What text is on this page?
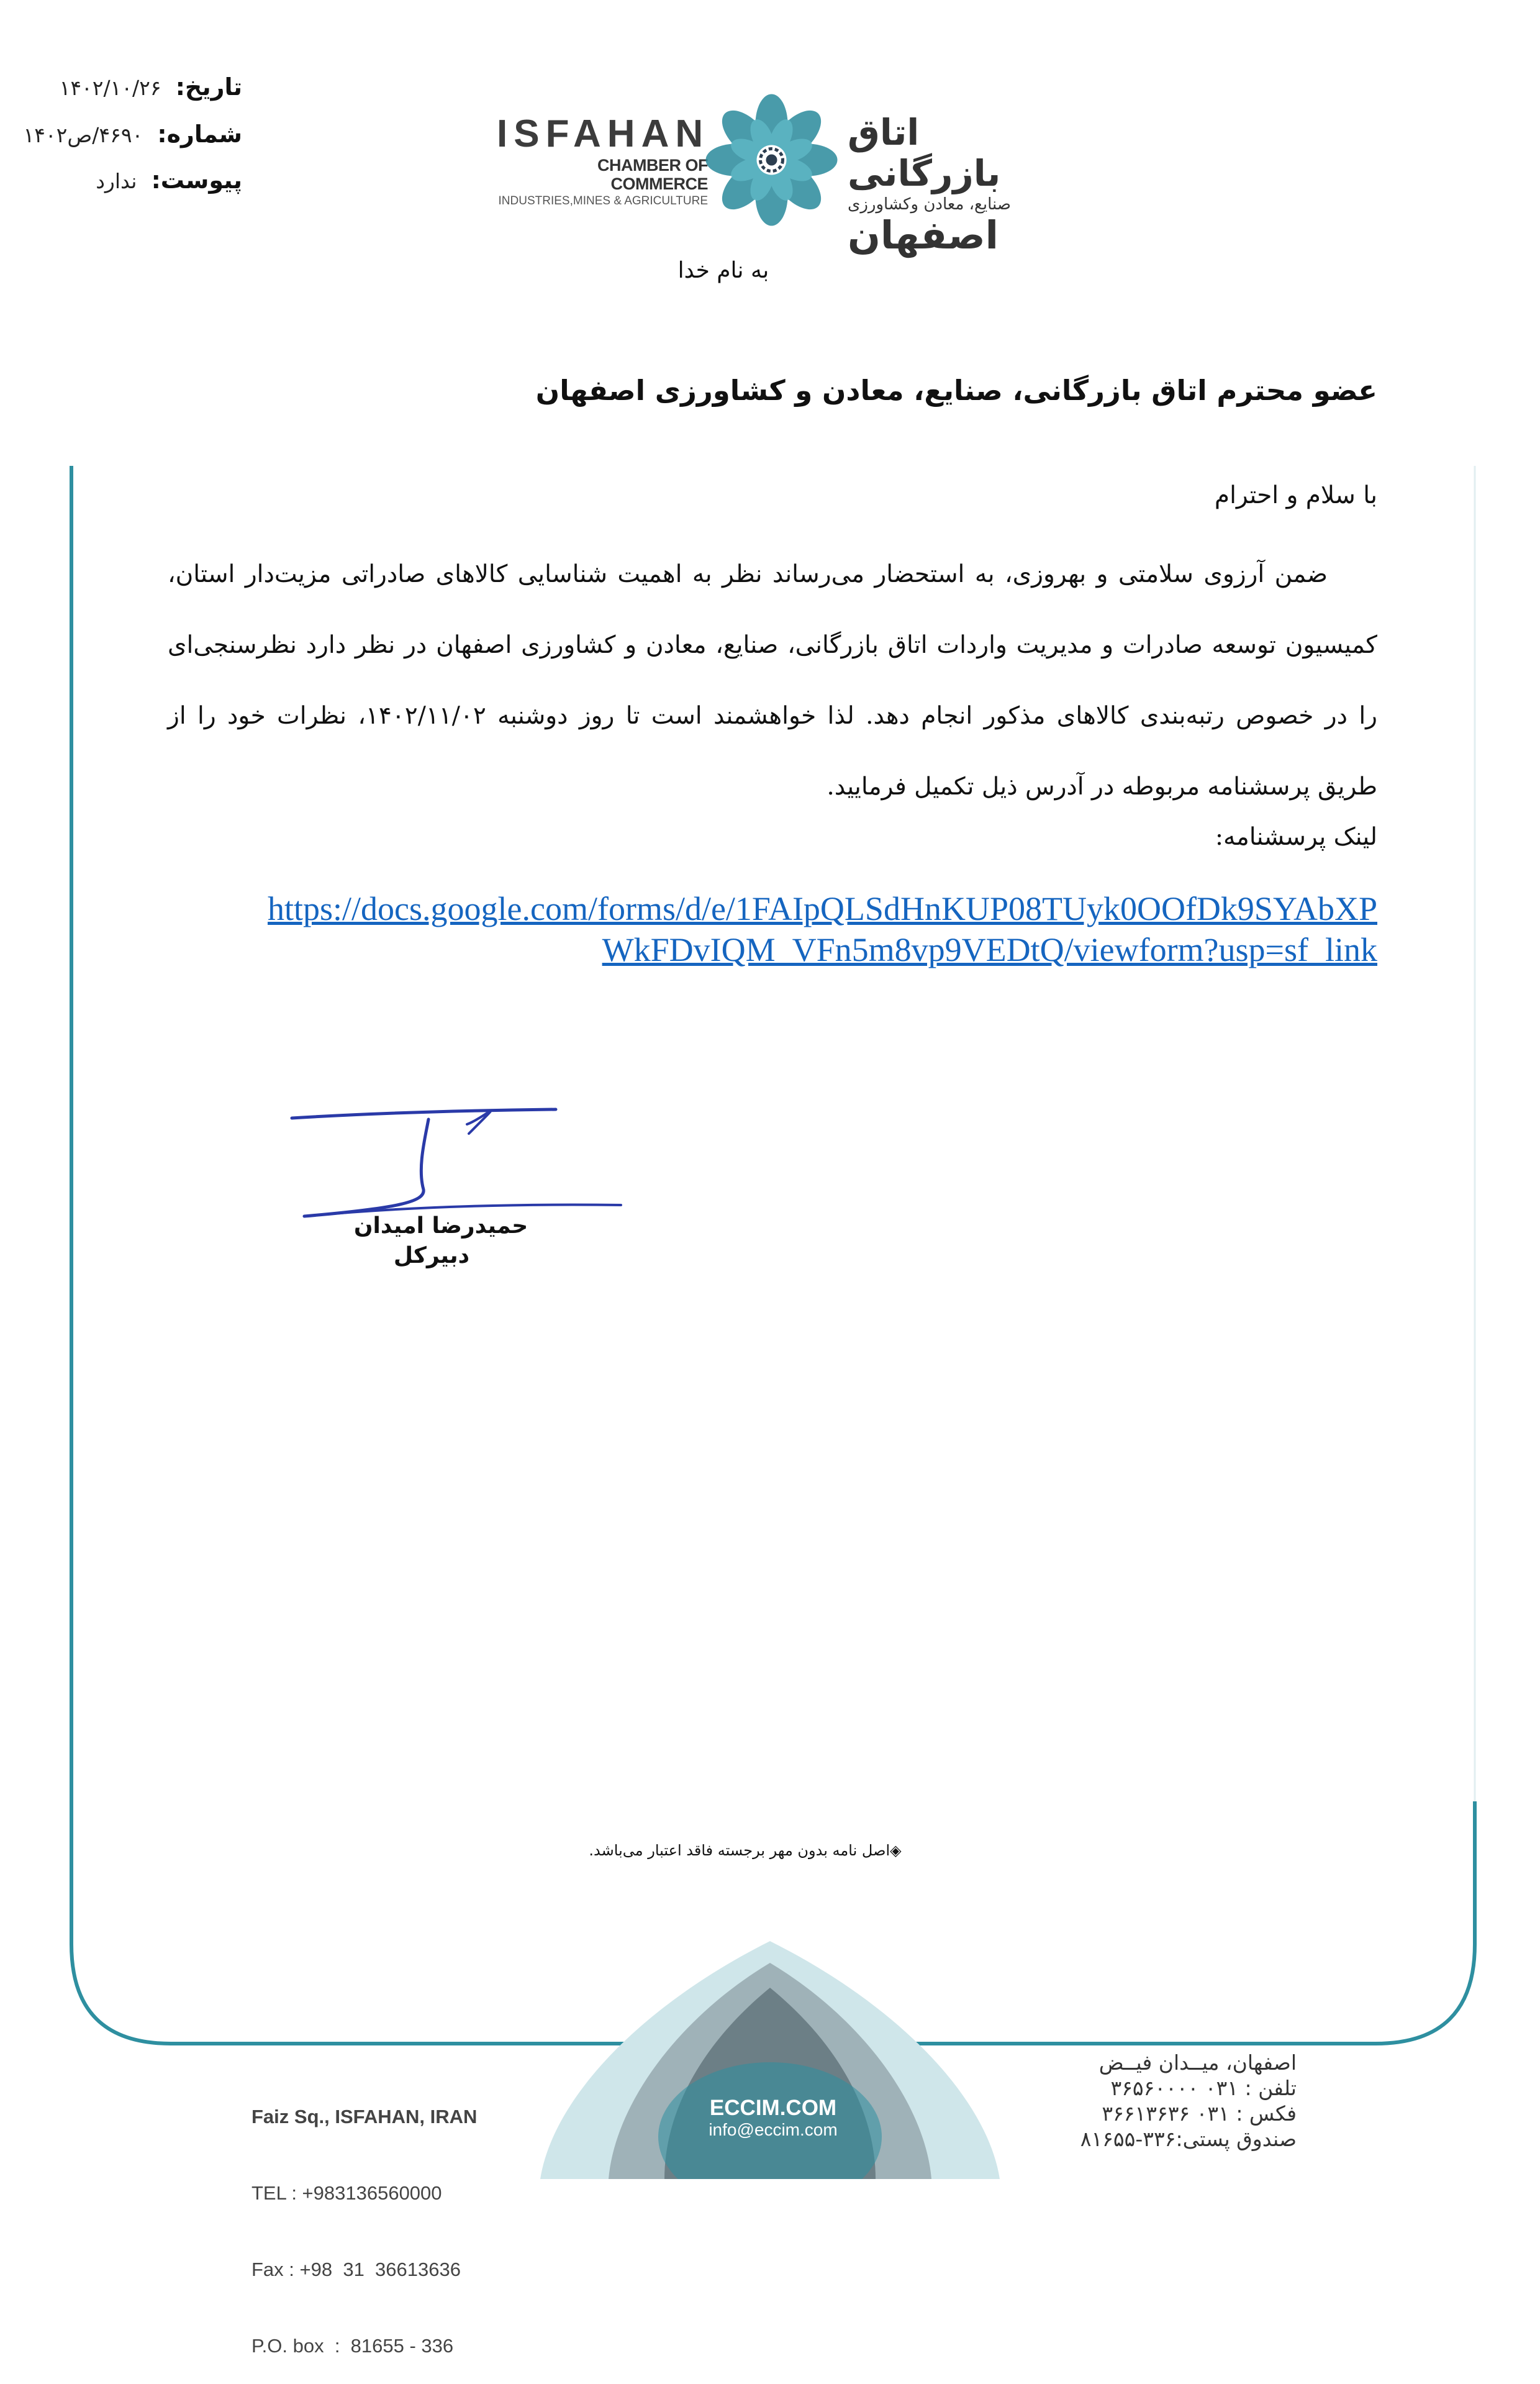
تاریخ: ۱۴۰۲/۱۰/۲۶
شماره: ۴۶۹۰/ص۱۴۰۲
پیوست: ندارد
ISFAHAN
CHAMBER OF COMMERCE
INDUSTRIES,MINES & AGRICULTURE
اتاق بازرگانی
صنایع، معادن وکشاورزی
اصفهان
به نام خدا
عضو محترم اتاق بازرگانی، صنایع، معادن و کشاورزی اصفهان
با سلام و احترام
ضمن آرزوی سلامتی و بهروزی، به استحضار می‌رساند نظر به اهمیت شناسایی کالاهای صادراتی مزیت‌دار استان، کمیسیون توسعه صادرات و مدیریت واردات اتاق بازرگانی، صنایع، معادن و کشاورزی اصفهان در نظر دارد نظرسنجی‌ای را در خصوص رتبه‌بندی کالاهای مذکور انجام دهد. لذا خواهشمند است تا روز دوشنبه ۱۴۰۲/۱۱/۰۲، نظرات خود را از طریق پرسشنامه مربوطه در آدرس ذیل تکمیل فرمایید.
لینک پرسشنامه:
https://docs.google.com/forms/d/e/1FAIpQLSdHnKUP08TUyk0OOfDk9SYAbXP
WkFDvIQM_VFn5m8vp9VEDtQ/viewform?usp=sf_link
حمیدرضا امیدان
دبیرکل
◈اصل نامه بدون مهر برجسته فاقد اعتبار می‌باشد.

Faiz Sq., ISFAHAN, IRAN

TEL : +983136560000

Fax : +98  31  36613636

P.O. box  :  81655 - 336

ECCIM.COM
info@eccim.com
اصفهان، میــدان فیــض
تلفن : ۰۳۱ ۳۶۵۶۰۰۰۰
فکس : ۰۳۱ ۳۶۶۱۳۶۳۶
صندوق پستی:۳۳۶-۸۱۶۵۵
